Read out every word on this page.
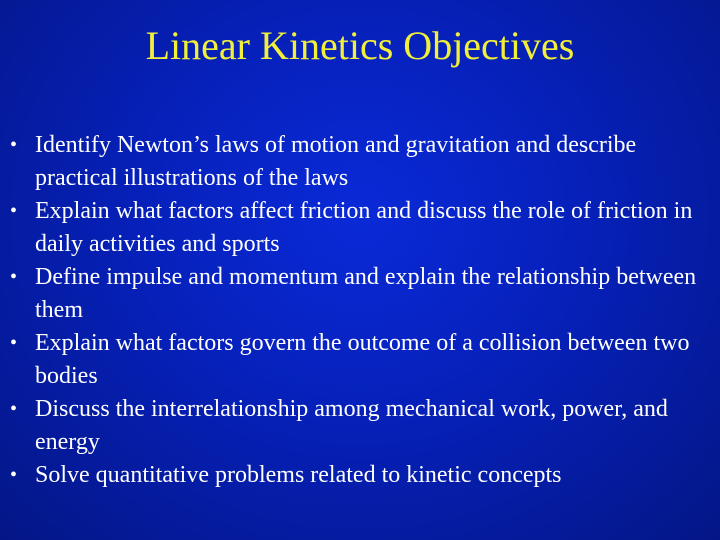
Linear Kinetics Objectives
• Identify Newton’s laws of motion and gravitation and describe practical illustrations of the laws
• Explain what factors affect friction and discuss the role of friction in daily activities and sports
• Define impulse and momentum and explain the relationship between them
• Explain what factors govern the outcome of a collision between two bodies
• Discuss the interrelationship among mechanical work, power, and energy
• Solve quantitative problems related to kinetic concepts
